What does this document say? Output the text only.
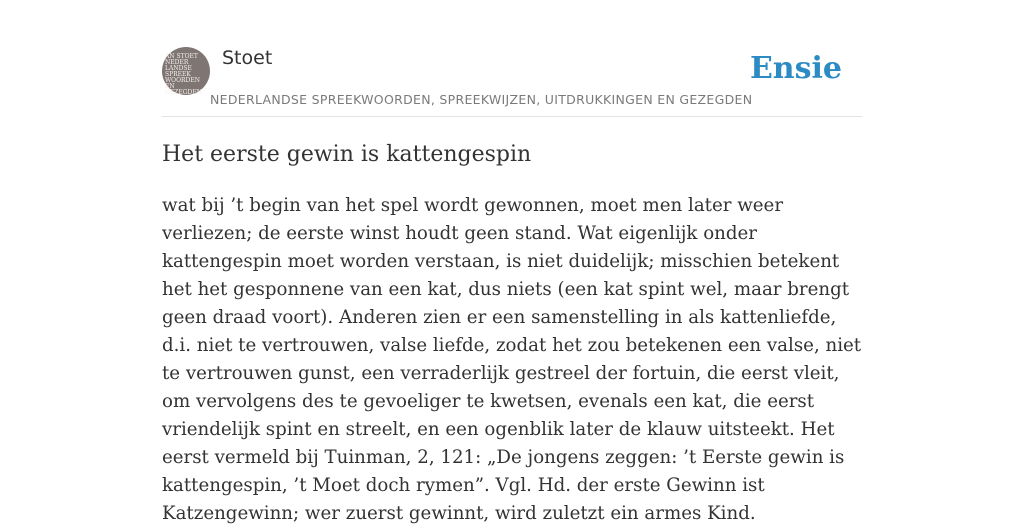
AN STOET
NEDER
LANDSE
SPREEK
WOORDEN EN
GEZEGDEN
Stoet
NEDERLANDSE SPREEKWOORDEN, SPREEKWIJZEN, UITDRUKKINGEN EN GEZEGDEN
Ensie
Het eerste gewin is kattengespin

wat bij ’t begin van het spel wordt gewonnen, moet men later weer verliezen; de eerste winst houdt geen stand. Wat eigenlijk onder kattengespin moet worden verstaan, is niet duidelijk; misschien betekent het het gesponnene van een kat, dus niets (een kat spint wel, maar brengt geen draad voort). Anderen zien er een samenstelling in als kattenliefde, d.i. niet te vertrouwen, valse liefde, zodat het zou betekenen een valse, niet te vertrouwen gunst, een verraderlijk gestreel der fortuin, die eerst vleit, om vervolgens des te gevoeliger te kwetsen, evenals een kat, die eerst vriendelijk spint en streelt, en een ogenblik later de klauw uitsteekt. Het eerst vermeld bij Tuinman, 2, 121: „De jongens zeggen: ’t Eerste gewin is kattengespin, ’t Moet doch rymen”. Vgl. Hd. der erste Gewinn ist Katzengewinn; wer zuerst gewinnt, wird zuletzt ein armes Kind.
